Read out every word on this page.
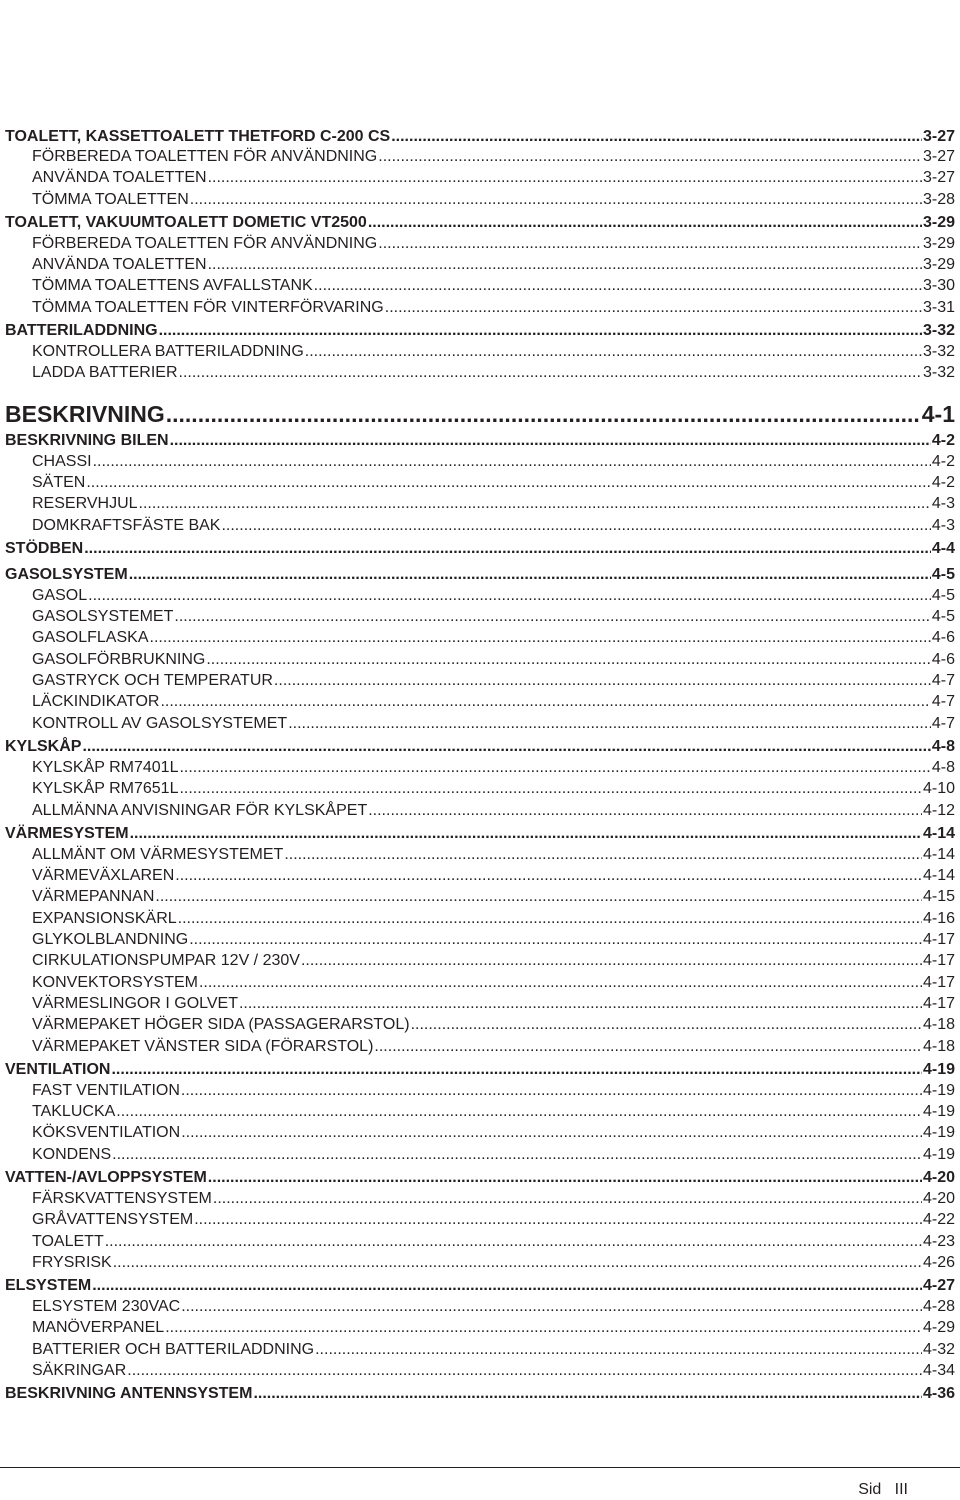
TOALETT, KASSETTOALETT THETFORD C-200 CS .....	3-27
FÖRBEREDA TOALETTEN FÖR ANVÄNDNING .....	3-27
ANVÄNDA TOALETTEN .....	3-27
TÖMMA TOALETTEN .....	3-28
TOALETT, VAKUUMTOALETT DOMETIC VT2500 .....	3-29
FÖRBEREDA TOALETTEN FÖR ANVÄNDNING .....	3-29
ANVÄNDA TOALETTEN .....	3-29
TÖMMA TOALETTENS AVFALLSTANK .....	3-30
TÖMMA TOALETTEN FÖR VINTERFÖRVARING .....	3-31
BATTERILADDNING .....	3-32
KONTROLLERA BATTERILADDNING .....	3-32
LADDA BATTERIER .....	3-32
BESKRIVNING .....	4-1
BESKRIVNING BILEN .....	4-2
CHASSI .....	4-2
SÄTEN .....	4-2
RESERVHJUL .....	4-3
DOMKRAFTSFÄSTE BAK .....	4-3
STÖDBEN .....	4-4
GASOLSYSTEM .....	4-5
GASOL .....	4-5
GASOLSYSTEMET .....	4-5
GASOLFLASKA .....	4-6
GASOLFÖRBRUKNING .....	4-6
GASTRYCK OCH TEMPERATUR .....	4-7
LÄCKINDIKATOR .....	4-7
KONTROLL AV GASOLSYSTEMET .....	4-7
KYLSKÅP .....	4-8
KYLSKÅP RM7401L .....	4-8
KYLSKÅP RM7651L .....	4-10
ALLMÄNNA ANVISNINGAR FÖR KYLSKÅPET .....	4-12
VÄRMESYSTEM .....	4-14
ALLMÄNT OM VÄRMESYSTEMET .....	4-14
VÄRMEVÄXLAREN .....	4-14
VÄRMEPANNAN .....	4-15
EXPANSIONSKÄRL .....	4-16
GLYKOLBLANDNING .....	4-17
CIRKULATIONSPUMPAR 12V / 230V .....	4-17
KONVEKTORSYSTEM .....	4-17
VÄRMESLINGOR I GOLVET .....	4-17
VÄRMEPAKET HÖGER SIDA (PASSAGERARSTOL) .....	4-18
VÄRMEPAKET VÄNSTER SIDA (FÖRARSTOL) .....	4-18
VENTILATION .....	4-19
FAST VENTILATION .....	4-19
TAKLUCKA .....	4-19
KÖKSVENTILATION .....	4-19
KONDENS .....	4-19
VATTEN-/AVLOPPSYSTEM .....	4-20
FÄRSKVATTENSYSTEM .....	4-20
GRÅVATTENSYSTEM .....	4-22
TOALETT .....	4-23
FRYSRISK .....	4-26
ELSYSTEM .....	4-27
ELSYSTEM 230VAC .....	4-28
MANÖVERPANEL .....	4-29
BATTERIER OCH BATTERILADDNING .....	4-32
SÄKRINGAR .....	4-34
BESKRIVNING ANTENNSYSTEM .....	4-36
Sid III
